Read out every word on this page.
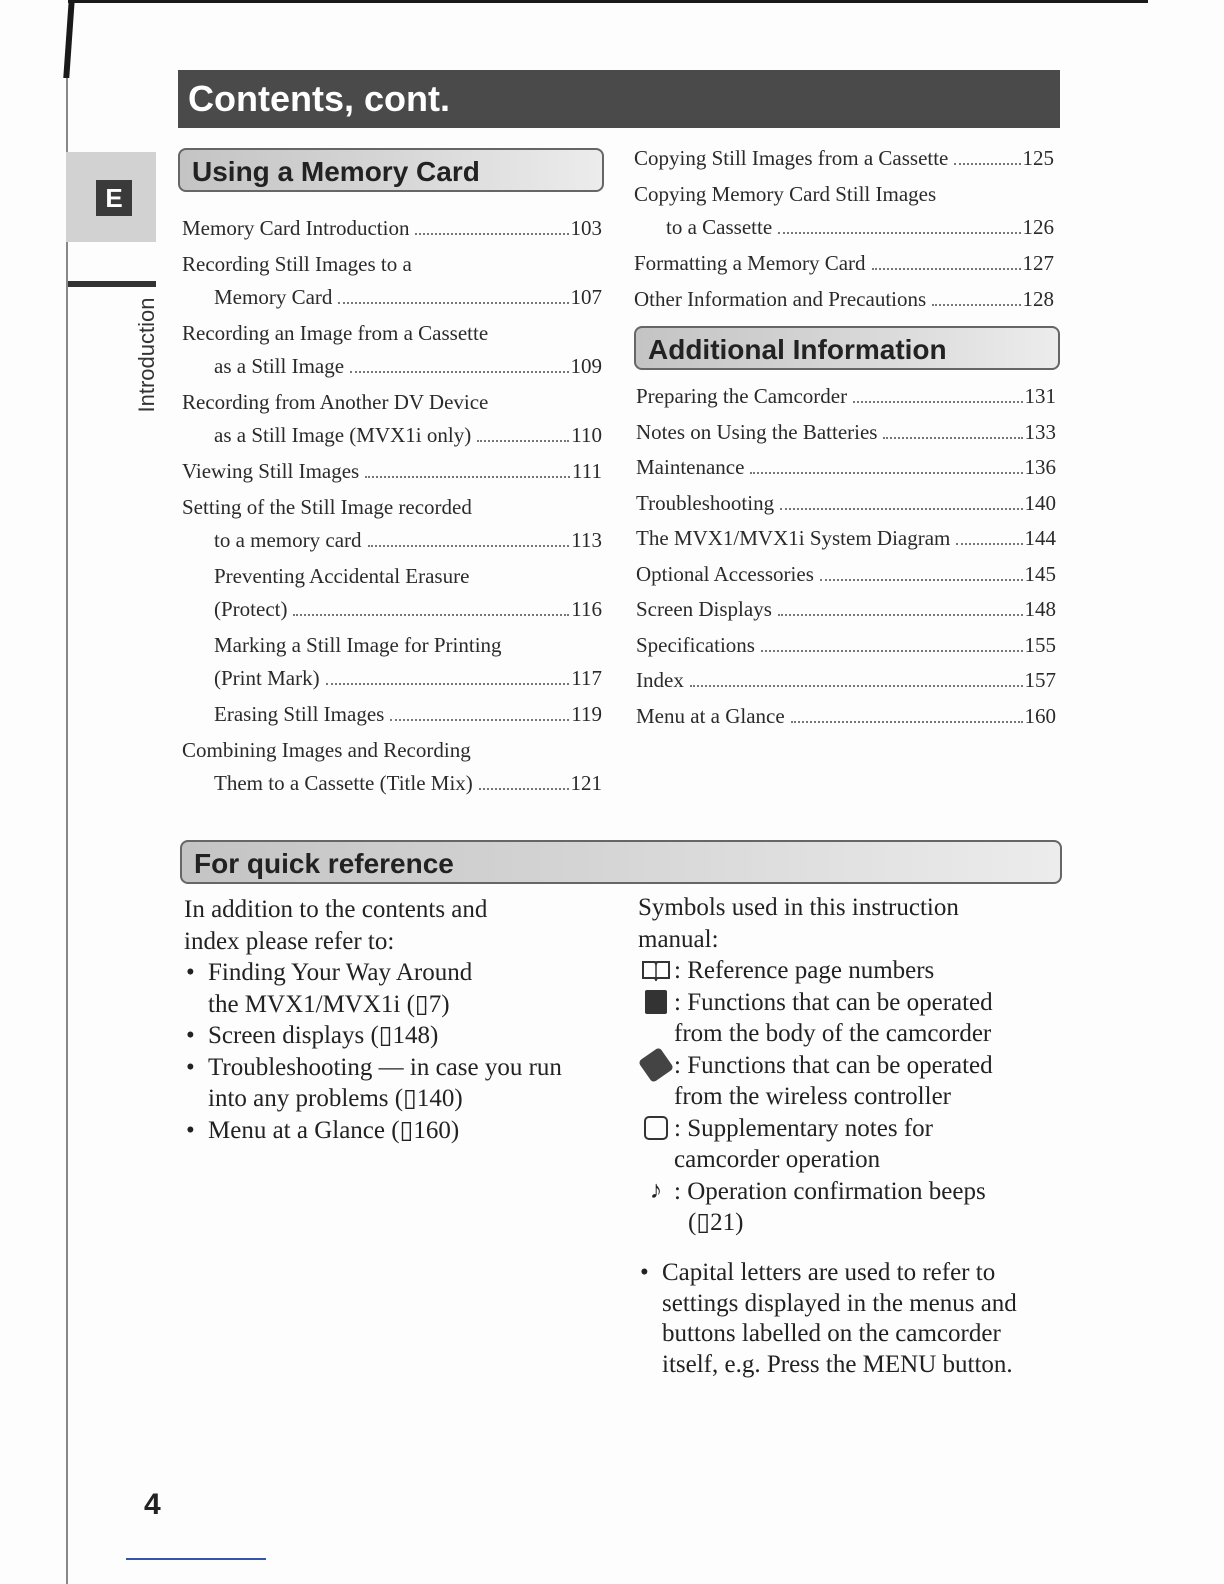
Contents, cont.
E
Introduction
Using a Memory Card
Memory Card Introduction	103
Recording Still Images to a
Memory Card	107
Recording an Image from a Cassette
as a Still Image	109
Recording from Another DV Device
as a Still Image (MVX1i only)	110
Viewing Still Images	111
Setting of the Still Image recorded
to a memory card	113
Preventing Accidental Erasure
(Protect)	116
Marking a Still Image for Printing
(Print Mark)	117
Erasing Still Images	119
Combining Images and Recording
Them to a Cassette (Title Mix)	121
Copying Still Images from a Cassette	125
Copying Memory Card Still Images
to a Cassette	126
Formatting a Memory Card	127
Other Information and Precautions	128
Additional Information
Preparing the Camcorder	131
Notes on Using the Batteries	133
Maintenance	136
Troubleshooting	140
The MVX1/MVX1i System Diagram	144
Optional Accessories	145
Screen Displays	148
Specifications	155
Index	157
Menu at a Glance	160
For quick reference
In addition to the contents and
index please refer to:
• Finding Your Way Around
the MVX1/MVX1i (▯7)
• Screen displays (▯148)
• Troubleshooting — in case you run
into any problems (▯140)
• Menu at a Glance (▯160)
Symbols used in this instruction
manual:
: Reference page numbers
: Functions that can be operated
from the body of the camcorder
: Functions that can be operated
from the wireless controller
: Supplementary notes for
camcorder operation
♪ : Operation confirmation beeps
(▯21)
• Capital letters are used to refer to
settings displayed in the menus and
buttons labelled on the camcorder
itself, e.g. Press the MENU button.
4
